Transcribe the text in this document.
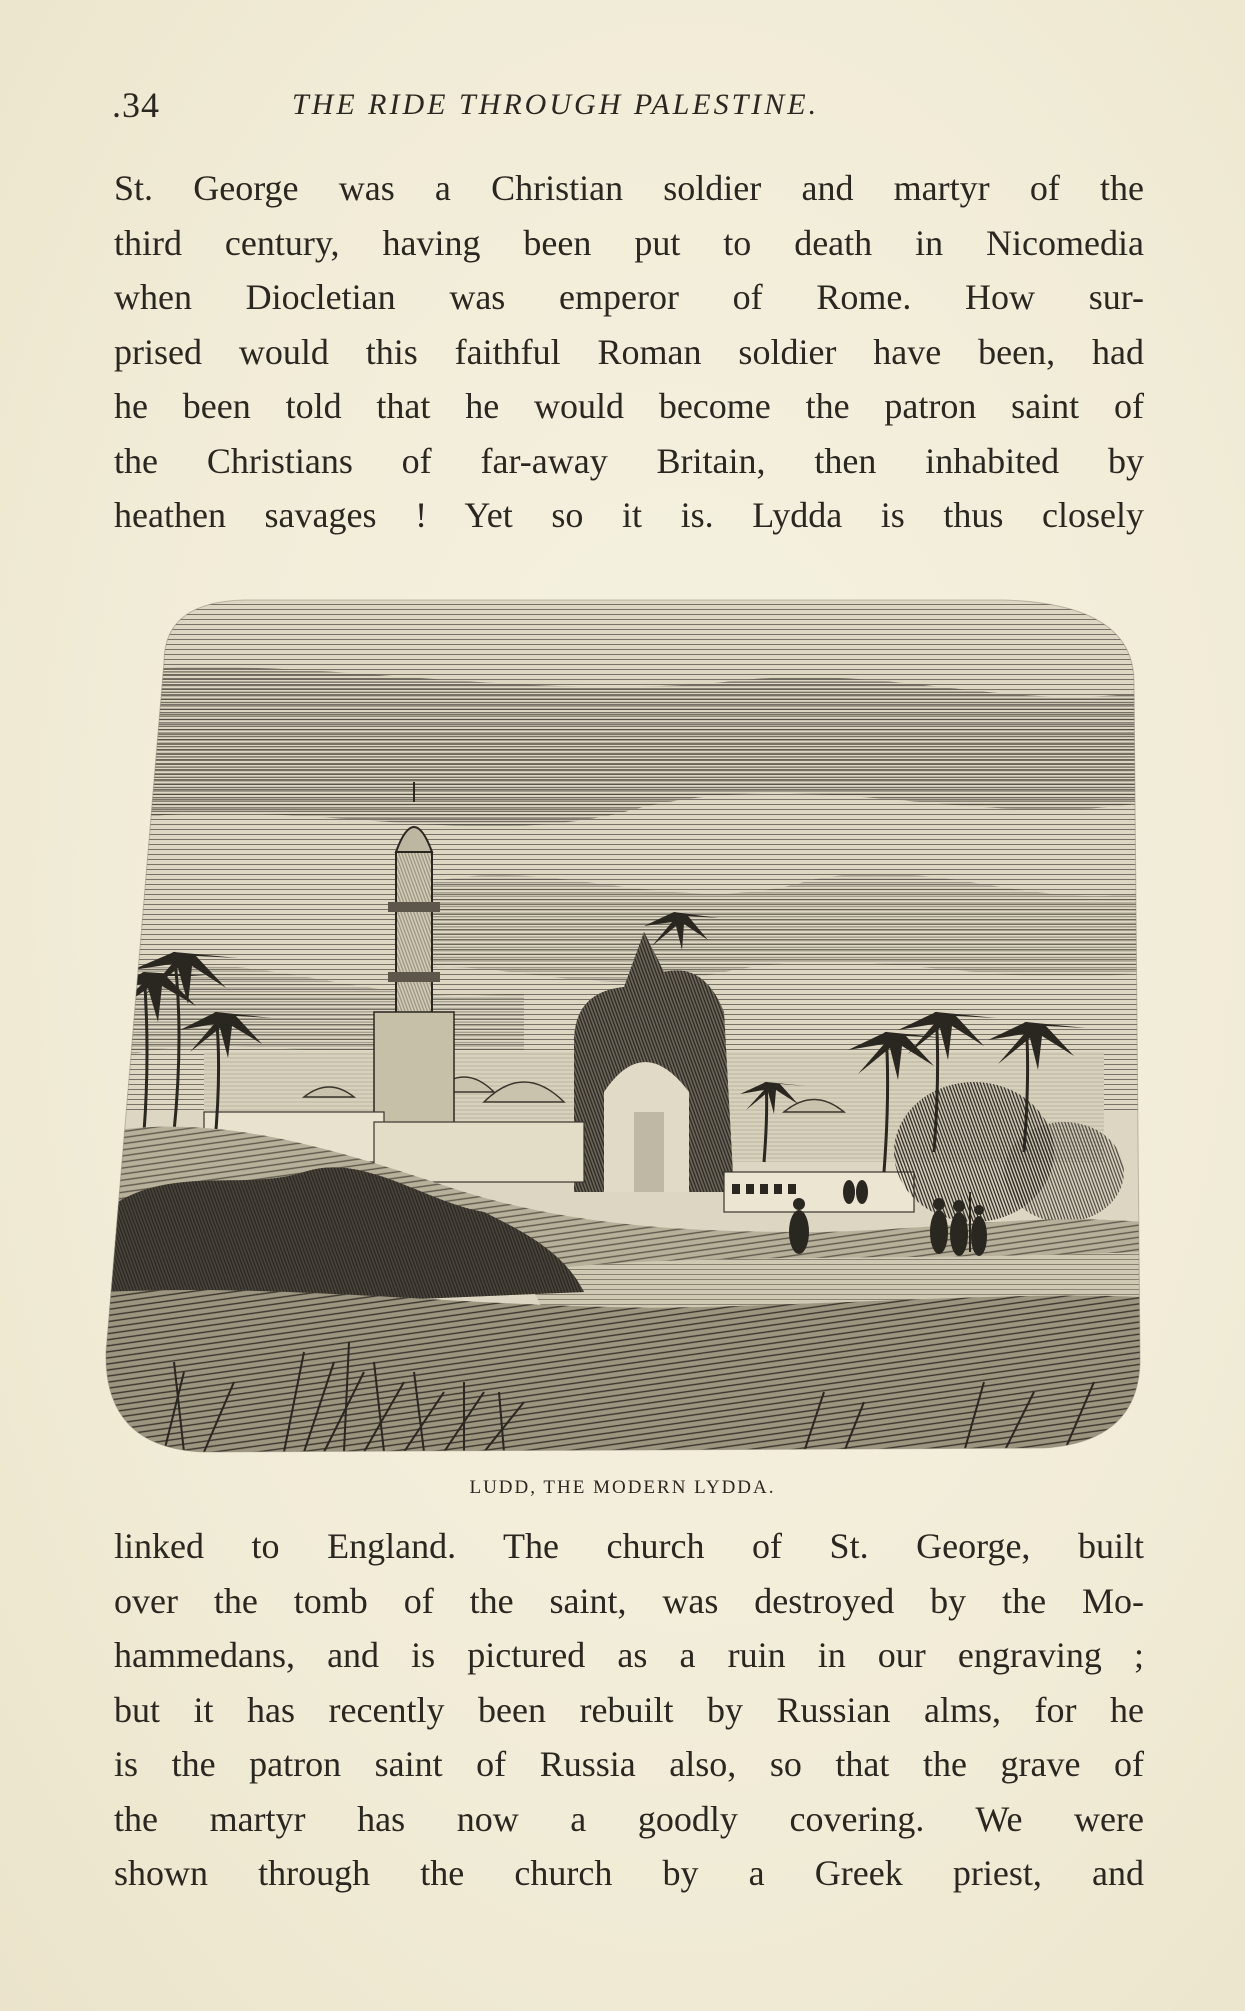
.34	THE RIDE THROUGH PALESTINE.
St. George was a Christian soldier and martyr of the
third century, having been put to death in Nicomedia
when Diocletian was emperor of Rome. How sur-
prised would this faithful Roman soldier have been, had
he been told that he would become the patron saint of
the Christians of far-away Britain, then inhabited by
heathen savages ! Yet so it is. Lydda is thus closely
LUDD, THE MODERN LYDDA.
linked to England. The church of St. George, built
over the tomb of the saint, was destroyed by the Mo-
hammedans, and is pictured as a ruin in our engraving ;
but it has recently been rebuilt by Russian alms, for he
is the patron saint of Russia also, so that the grave of
the martyr has now a goodly covering. We were
shown through the church by a Greek priest, and
